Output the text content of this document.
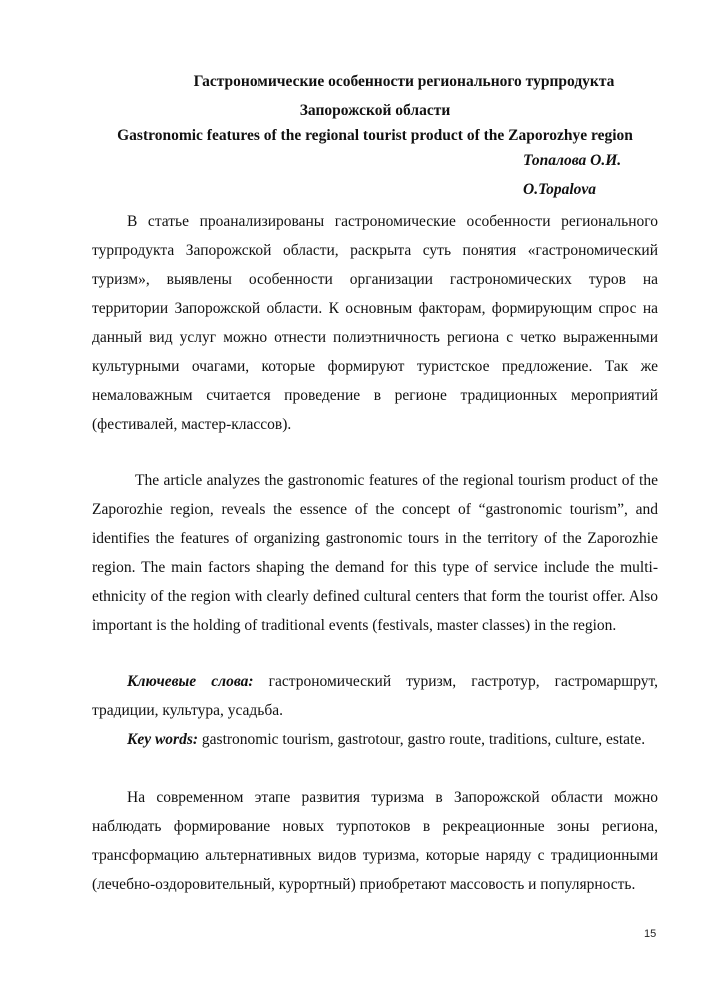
Гастрономические особенности регионального турпродукта
Запорожской области
Gastronomic features of the regional tourist product of the Zaporozhye region
Топалова О.И.
O.Topalova

В статье проанализированы гастрономические особенности регионального турпродукта Запорожской области, раскрыта суть понятия «гастрономический туризм», выявлены особенности организации гастрономических туров на территории Запорожской области. К основным факторам, формирующим спрос на данный вид услуг можно отнести полиэтничность региона с четко выраженными культурными очагами, которые формируют туристское предложение. Так же немаловажным считается проведение в регионе традиционных мероприятий (фестивалей, мастер-классов).

The article analyzes the gastronomic features of the regional tourism product of the Zaporozhie region, reveals the essence of the concept of “gastronomic tourism”, and identifies the features of organizing gastronomic tours in the territory of the Zaporozhie region. The main factors shaping the demand for this type of service include the multi-ethnicity of the region with clearly defined cultural centers that form the tourist offer. Also important is the holding of traditional events (festivals, master classes) in the region.

Ключевые слова: гастрономический туризм, гастротур, гастромаршрут, традиции, культура, усадьба.

Key words: gastronomic tourism, gastrotour, gastro route, traditions, culture, estate.

На современном этапе развития туризма в Запорожской области можно наблюдать формирование новых турпотоков в рекреационные зоны региона, трансформацию альтернативных видов туризма, которые наряду с традиционными (лечебно-оздоровительный, курортный) приобретают массовость и популярность.

15
